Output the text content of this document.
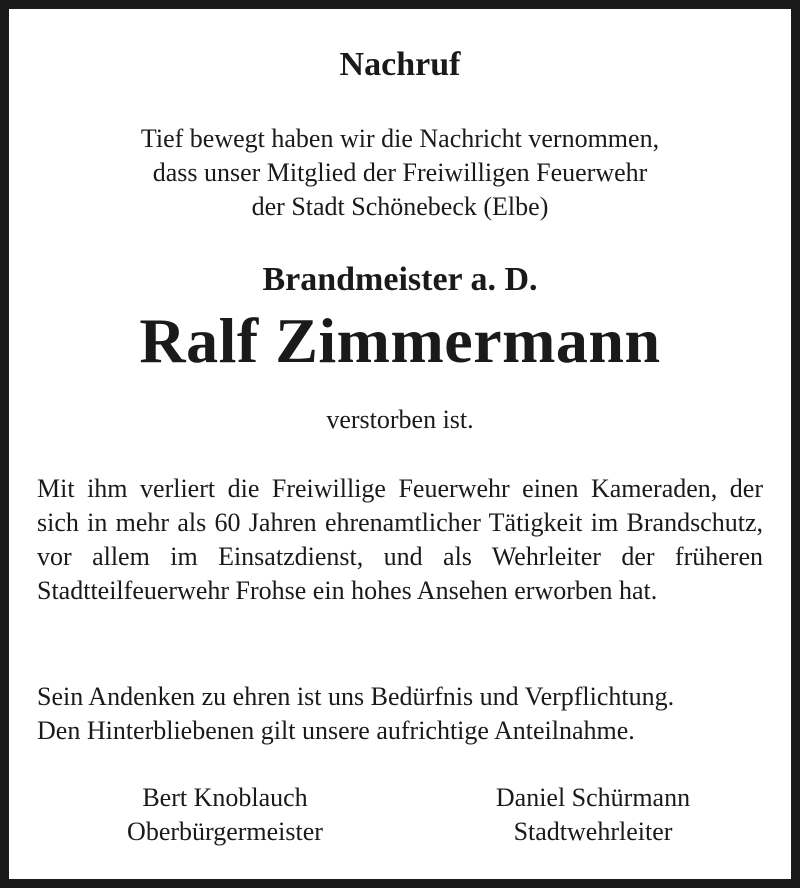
Nachruf
Tief bewegt haben wir die Nachricht vernommen,
dass unser Mitglied der Freiwilligen Feuerwehr
der Stadt Schönebeck (Elbe)
Brandmeister a. D.
Ralf Zimmermann
verstorben ist.
Mit ihm verliert die Freiwillige Feuerwehr einen Kameraden, der sich in mehr als 60 Jahren ehrenamtlicher Tätigkeit im Brandschutz, vor allem im Einsatzdienst, und als Wehrleiter der früheren Stadtteilfeuerwehr Frohse ein hohes Ansehen erworben hat.
Sein Andenken zu ehren ist uns Bedürfnis und Verpflichtung.
Den Hinterbliebenen gilt unsere aufrichtige Anteilnahme.
Bert Knoblauch
Oberbürgermeister
Daniel Schürmann
Stadtwehrleiter
